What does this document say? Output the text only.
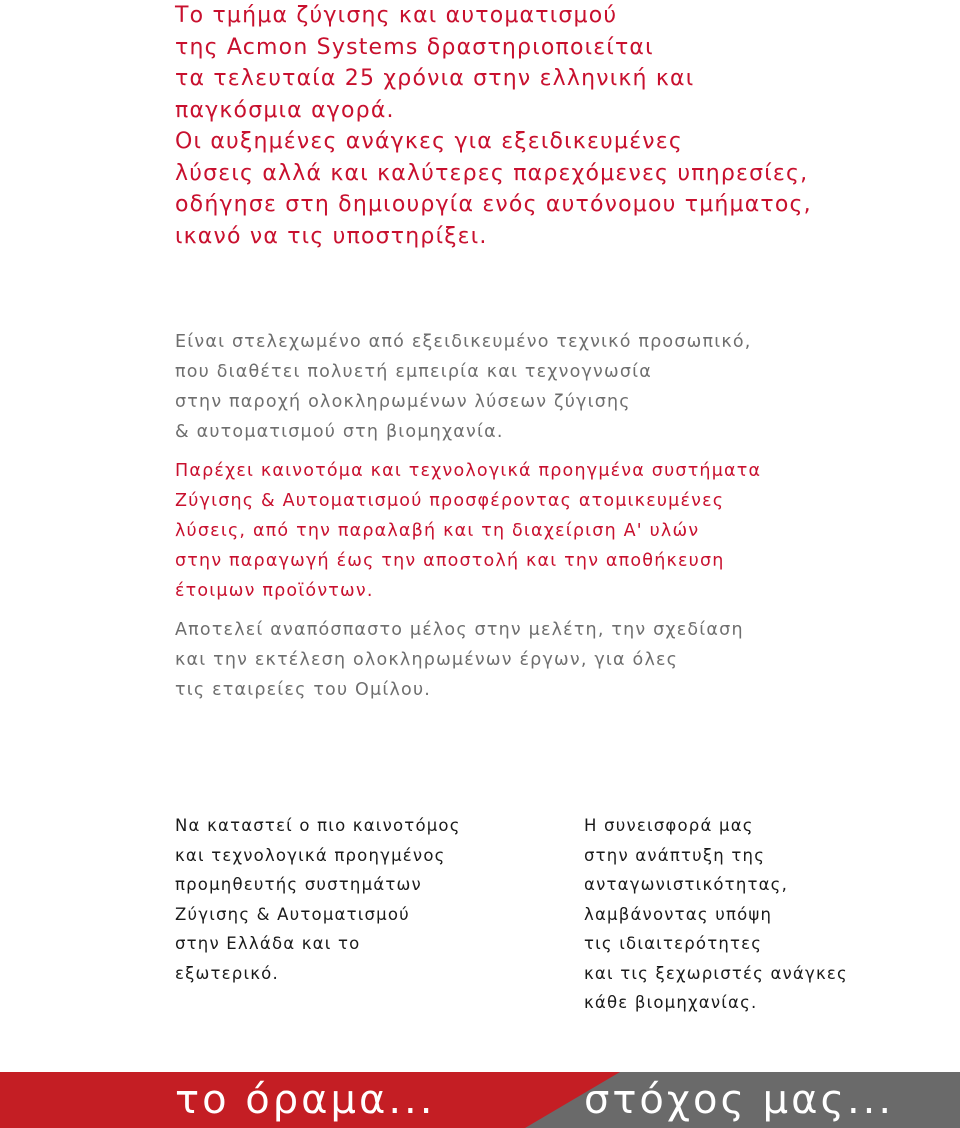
Το τμήμα ζύγισης και αυτοματισμού
της Acmon Systems δραστηριοποιείται
τα τελευταία 25 χρόνια στην ελληνική και
παγκόσμια αγορά.
Οι αυξημένες ανάγκες για εξειδικευμένες
λύσεις αλλά και καλύτερες παρεχόμενες υπηρεσίες,
οδήγησε στη δημιουργία ενός αυτόνομου τμήματος,
ικανό να τις υποστηρίξει.
Είναι στελεχωμένο από εξειδικευμένο τεχνικό προσωπικό,
που διαθέτει πολυετή εμπειρία και τεχνογνωσία
στην παροχή ολοκληρωμένων λύσεων ζύγισης
& αυτοματισμού στη βιομηχανία.
Παρέχει καινοτόμα και τεχνολογικά προηγμένα συστήματα
Ζύγισης & Αυτοματισμού προσφέροντας ατομικευμένες
λύσεις, από την παραλαβή και τη διαχείριση Α' υλών
στην παραγωγή έως την αποστολή και την αποθήκευση
έτοιμων προϊόντων.
Αποτελεί αναπόσπαστο μέλος στην μελέτη, την σχεδίαση
και την εκτέλεση ολοκληρωμένων έργων, για όλες
τις εταιρείες του Ομίλου.
Να καταστεί ο πιο καινοτόμος
και τεχνολογικά προηγμένος
προμηθευτής συστημάτων
Ζύγισης & Αυτοματισμού
στην Ελλάδα και το
εξωτερικό.
Η συνεισφορά μας
στην ανάπτυξη της
ανταγωνιστικότητας,
λαμβάνοντας υπόψη
τις ιδιαιτερότητες
και τις ξεχωριστές ανάγκες
κάθε βιομηχανίας.
το όραμα...	στόχος μας...
